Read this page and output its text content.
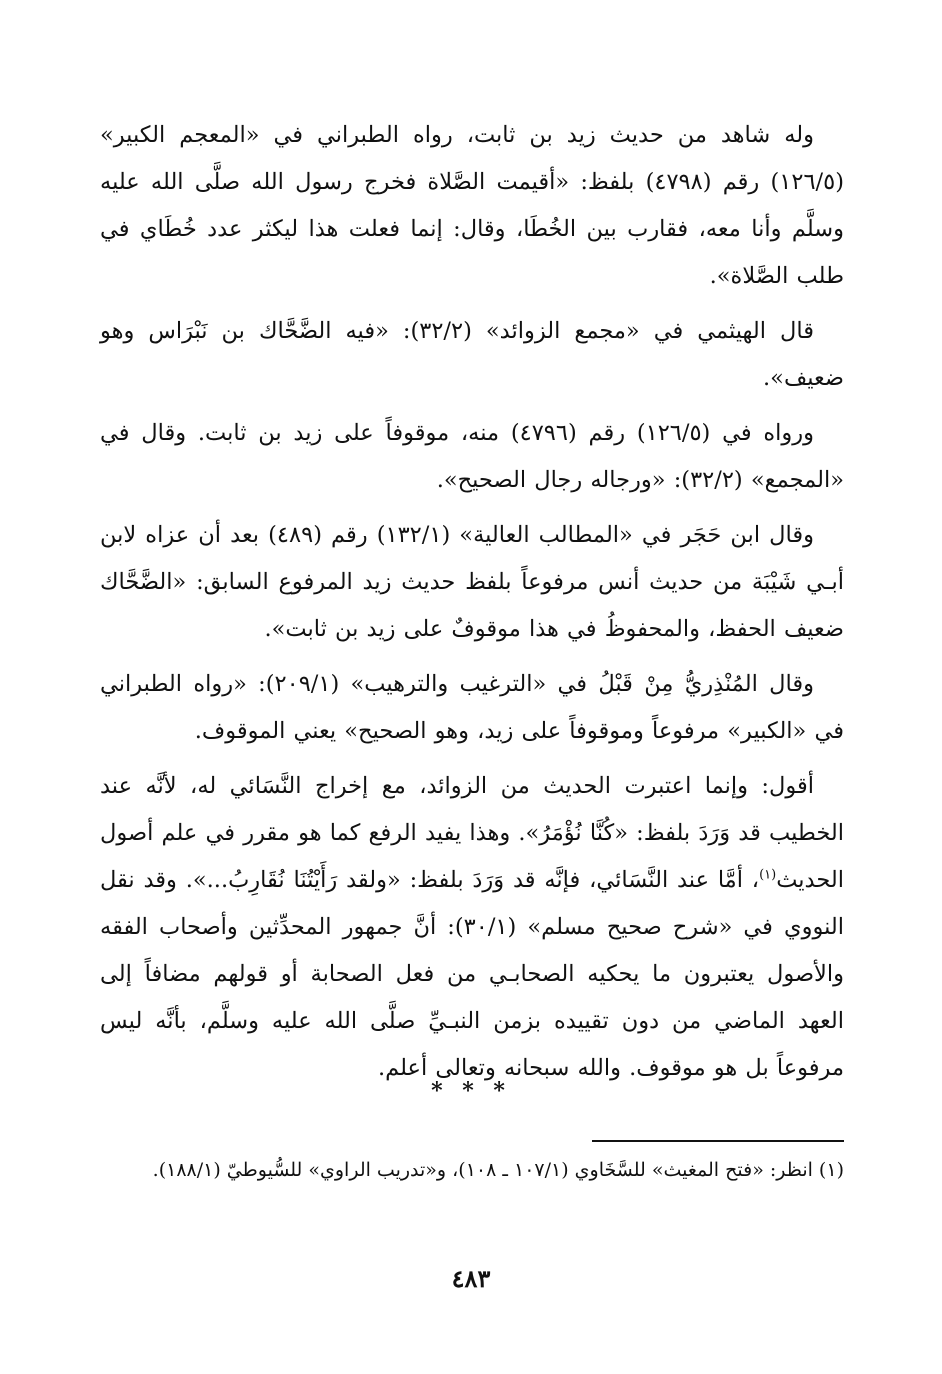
وله شاهد من حديث زيد بن ثابت، رواه الطبراني في «المعجم الكبير» (١٢٦/٥) رقم (٤٧٩٨) بلفظ: «أقيمت الصَّلاة فخرج رسول الله صلَّى الله عليه وسلَّم وأنا معه، فقارب بين الخُطَا، وقال: إنما فعلت هذا ليكثر عدد خُطَاي في طلب الصَّلاة».

قال الهيثمي في «مجمع الزوائد» (٣٢/٢): «فيه الضَّحَّاك بن نَبْرَاس وهو ضعيف».

ورواه في (١٢٦/٥) رقم (٤٧٩٦) منه، موقوفاً على زيد بن ثابت. وقال في «المجمع» (٣٢/٢): «ورجاله رجال الصحيح».

وقال ابن حَجَر في «المطالب العالية» (١٣٢/١) رقم (٤٨٩) بعد أن عزاه لابن أبـي شَيْبَة من حديث أنس مرفوعاً بلفظ حديث زيد المرفوع السابق: «الضَّحَّاك ضعيف الحفظ، والمحفوظُ في هذا موقوفٌ على زيد بن ثابت».

وقال المُنْذِريُّ مِنْ قَبْلُ في «الترغيب والترهيب» (٢٠٩/١): «رواه الطبراني في «الكبير» مرفوعاً وموقوفاً على زيد، وهو الصحيح» يعني الموقوف.

أقول: وإنما اعتبرت الحديث من الزوائد، مع إخراج النَّسَائي له، لأنَّه عند الخطيب قد وَرَدَ بلفظ: «كُنَّا نُؤْمَرُ». وهذا يفيد الرفع كما هو مقرر في علم أصول الحديث$^{(١)}$، أمَّا عند النَّسَائي، فإنَّه قد وَرَدَ بلفظ: «ولقد رَأَيْتُنَا نُقَارِبُ...». وقد نقل النووي في «شرح صحيح مسلم» (٣٠/١): أنَّ جمهور المحدِّثين وأصحاب الفقه والأصول يعتبرون ما يحكيه الصحابـي من فعل الصحابة أو قولهم مضافاً إلى العهد الماضي من دون تقييده بزمن النبـيِّ صلَّى الله عليه وسلَّم، بأنَّه ليس مرفوعاً بل هو موقوف. والله سبحانه وتعالى أعلم.

* * *
(١) انظر: «فتح المغيث» للسَّخَاوي (١٠٧/١ ـ ١٠٨)، و«تدريب الراوي» للسُّيوطيّ (١٨٨/١).
٤٨٣
